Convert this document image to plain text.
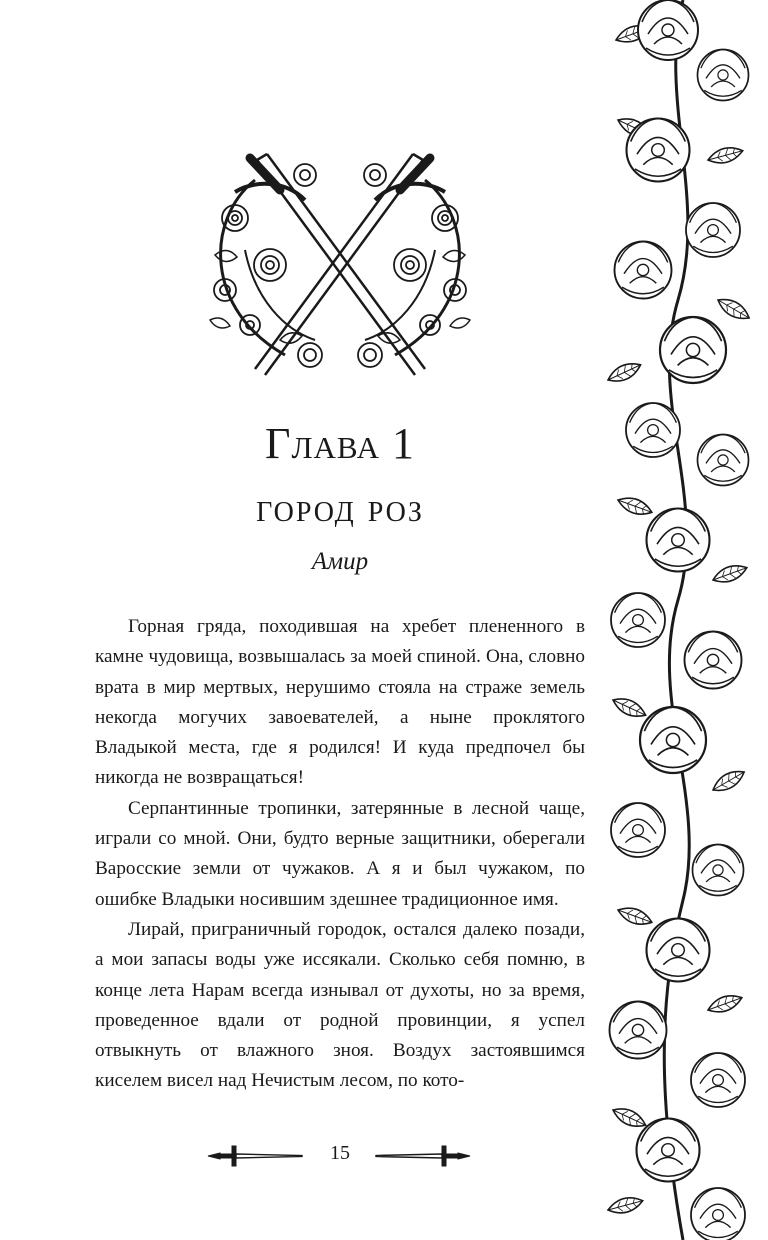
Глава 1
город роз
Амир

Горная гряда, походившая на хребет плененного в камне чудовища, возвышалась за моей спиной. Она, словно врата в мир мертвых, нерушимо стояла на страже земель некогда могучих завоевателей, а ныне проклятого Владыкой места, где я родился! И куда предпочел бы никогда не возвращаться!

Серпантинные тропинки, затерянные в лесной чаще, играли со мной. Они, будто верные защитники, оберегали Варосские земли от чужаков. А я и был чужаком, по ошибке Владыки носившим здешнее традиционное имя.

Лирай, приграничный городок, остался далеко позади, а мои запасы воды уже иссякали. Сколько себя помню, в конце лета Нарам всегда изнывал от духоты, но за время, проведенное вдали от родной провинции, я успел отвыкнуть от влажного зноя. Воздух застоявшимся киселем висел над Нечистым лесом, по кото-

15
